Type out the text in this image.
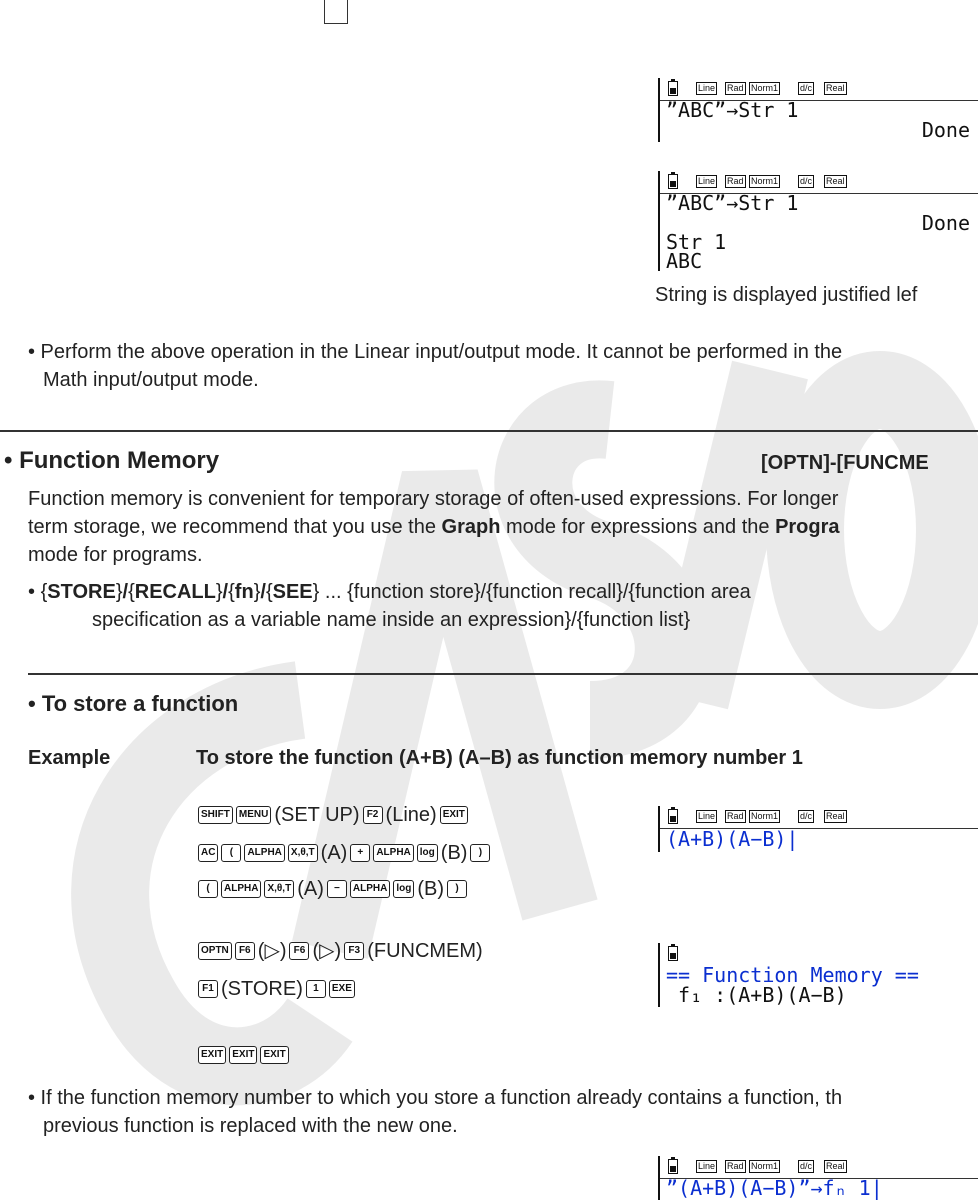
Line Rad Norm1 d/c Real
”ABC”→Str 1
Done
Line Rad Norm1 d/c Real
”ABC”→Str 1
Done
Str 1
ABC
String is displayed justified lef
• Perform the above operation in the Linear input/output mode. It cannot be performed in the
Math input/output mode.
• Function Memory	[OPTN]-[FUNCME
Function memory is convenient for temporary storage of often-used expressions. For longer
term storage, we recommend that you use the Graph mode for expressions and the Progra
mode for programs.
• {STORE}/{RECALL}/{fn}/{SEE} ... {function store}/{function recall}/{function area
specification as a variable name inside an expression}/{function list}
• To store a function
Example	To store the function (A+B) (A–B) as function memory number 1
SHIFT MENU (SET UP) F2 (Line) EXIT
AC ( ALPHA X,θ,T (A) + ALPHA log (B) )
( ALPHA X,θ,T (A) − ALPHA log (B) )
OPTN F6 (▷) F6 (▷) F3 (FUNCMEM)
F1 (STORE) 1 EXE
EXIT EXIT EXIT
Line Rad Norm1 d/c Real
(A+B)(A−B)|
== Function Memory ==
f₁ :(A+B)(A−B)
• If the function memory number to which you store a function already contains a function, th
previous function is replaced with the new one.
Line Rad Norm1 d/c Real
”(A+B)(A−B)”→fₙ 1|
